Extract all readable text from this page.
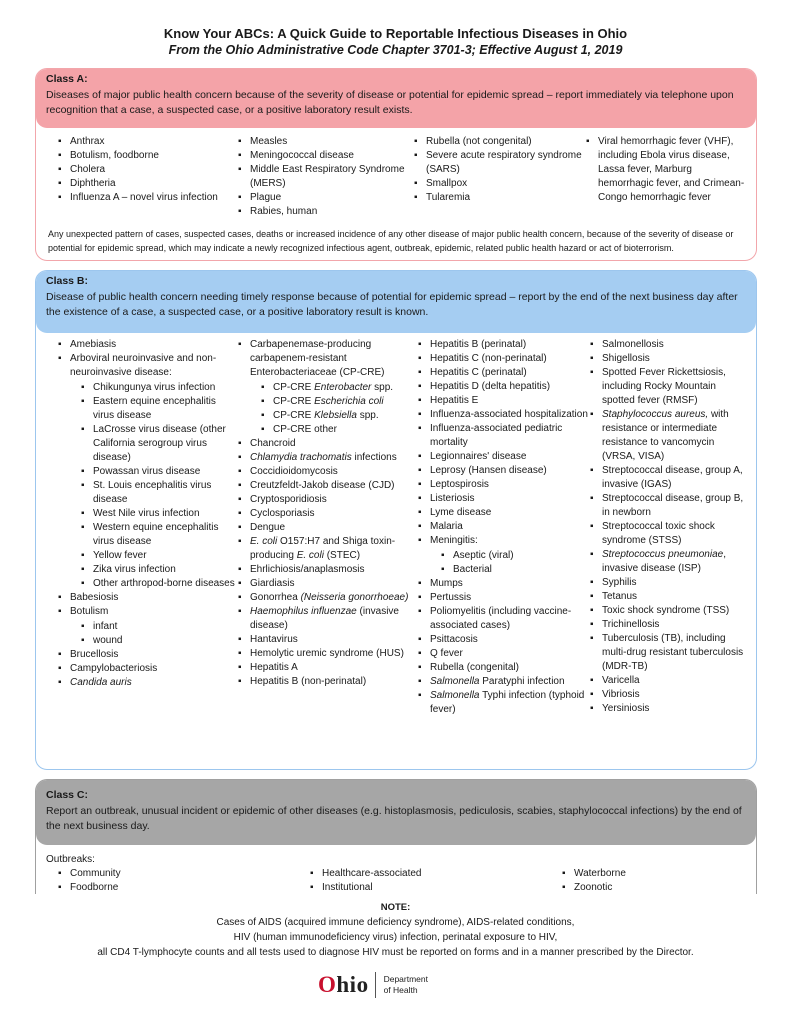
Know Your ABCs: A Quick Guide to Reportable Infectious Diseases in Ohio
From the Ohio Administrative Code Chapter 3701-3; Effective August 1, 2019
Class A:
Diseases of major public health concern because of the severity of disease or potential for epidemic spread – report immediately via telephone upon recognition that a case, a suspected case, or a positive laboratory result exists.
▪ Anthrax
▪ Botulism, foodborne
▪ Cholera
▪ Diphtheria
▪ Influenza A – novel virus infection
▪ Measles
▪ Meningococcal disease
▪ Middle East Respiratory Syndrome (MERS)
▪ Plague
▪ Rabies, human
▪ Rubella (not congenital)
▪ Severe acute respiratory syndrome (SARS)
▪ Smallpox
▪ Tularemia
▪ Viral hemorrhagic fever (VHF), including Ebola virus disease, Lassa fever, Marburg hemorrhagic fever, and Crimean-Congo hemorrhagic fever
Any unexpected pattern of cases, suspected cases, deaths or increased incidence of any other disease of major public health concern, because of the severity of disease or potential for epidemic spread, which may indicate a newly recognized infectious agent, outbreak, epidemic, related public health hazard or act of bioterrorism.
Class B:
Disease of public health concern needing timely response because of potential for epidemic spread – report by the end of the next business day after the existence of a case, a suspected case, or a positive laboratory result is known.
▪ Amebiasis
▪ Arboviral neuroinvasive and non-neuroinvasive disease:
▪ Chikungunya virus infection
▪ Eastern equine encephalitis virus disease
▪ LaCrosse virus disease (other California serogroup virus disease)
▪ Powassan virus disease
▪ St. Louis encephalitis virus disease
▪ West Nile virus infection
▪ Western equine encephalitis virus disease
▪ Yellow fever
▪ Zika virus infection
▪ Other arthropod-borne diseases
▪ Babesiosis
▪ Botulism
▪ infant
▪ wound
▪ Brucellosis
▪ Campylobacteriosis
▪ Candida auris
▪ Carbapenemase-producing carbapenem-resistant Enterobacteriaceae (CP-CRE)
▪ CP-CRE Enterobacter spp.
▪ CP-CRE Escherichia coli
▪ CP-CRE Klebsiella spp.
▪ CP-CRE other
▪ Chancroid
▪ Chlamydia trachomatis infections
▪ Coccidioidomycosis
▪ Creutzfeldt-Jakob disease (CJD)
▪ Cryptosporidiosis
▪ Cyclosporiasis
▪ Dengue
▪ E. coli O157:H7 and Shiga toxin-producing E. coli (STEC)
▪ Ehrlichiosis/anaplasmosis
▪ Giardiasis
▪ Gonorrhea (Neisseria gonorrhoeae)
▪ Haemophilus influenzae (invasive disease)
▪ Hantavirus
▪ Hemolytic uremic syndrome (HUS)
▪ Hepatitis A
▪ Hepatitis B (non-perinatal)
▪ Hepatitis B (perinatal)
▪ Hepatitis C (non-perinatal)
▪ Hepatitis C (perinatal)
▪ Hepatitis D (delta hepatitis)
▪ Hepatitis E
▪ Influenza-associated hospitalization
▪ Influenza-associated pediatric mortality
▪ Legionnaires' disease
▪ Leprosy (Hansen disease)
▪ Leptospirosis
▪ Listeriosis
▪ Lyme disease
▪ Malaria
▪ Meningitis:
▪ Aseptic (viral)
▪ Bacterial
▪ Mumps
▪ Pertussis
▪ Poliomyelitis (including vaccine-associated cases)
▪ Psittacosis
▪ Q fever
▪ Rubella (congenital)
▪ Salmonella Paratyphi infection
▪ Salmonella Typhi infection (typhoid fever)
▪ Salmonellosis
▪ Shigellosis
▪ Spotted Fever Rickettsiosis, including Rocky Mountain spotted fever (RMSF)
▪ Staphylococcus aureus, with resistance or intermediate resistance to vancomycin (VRSA, VISA)
▪ Streptococcal disease, group A, invasive (IGAS)
▪ Streptococcal disease, group B, in newborn
▪ Streptococcal toxic shock syndrome (STSS)
▪ Streptococcus pneumoniae, invasive disease (ISP)
▪ Syphilis
▪ Tetanus
▪ Toxic shock syndrome (TSS)
▪ Trichinellosis
▪ Tuberculosis (TB), including multi-drug resistant tuberculosis (MDR-TB)
▪ Varicella
▪ Vibriosis
▪ Yersiniosis
Class C:
Report an outbreak, unusual incident or epidemic of other diseases (e.g. histoplasmosis, pediculosis, scabies, staphylococcal infections) by the end of the next business day.
Outbreaks:
▪ Community
▪ Foodborne
▪ Healthcare-associated
▪ Institutional
▪ Waterborne
▪ Zoonotic
NOTE:
Cases of AIDS (acquired immune deficiency syndrome), AIDS-related conditions,
HIV (human immunodeficiency virus) infection, perinatal exposure to HIV,
all CD4 T-lymphocyte counts and all tests used to diagnose HIV must be reported on forms and in a manner prescribed by the Director.
Ohio Department
of Health
